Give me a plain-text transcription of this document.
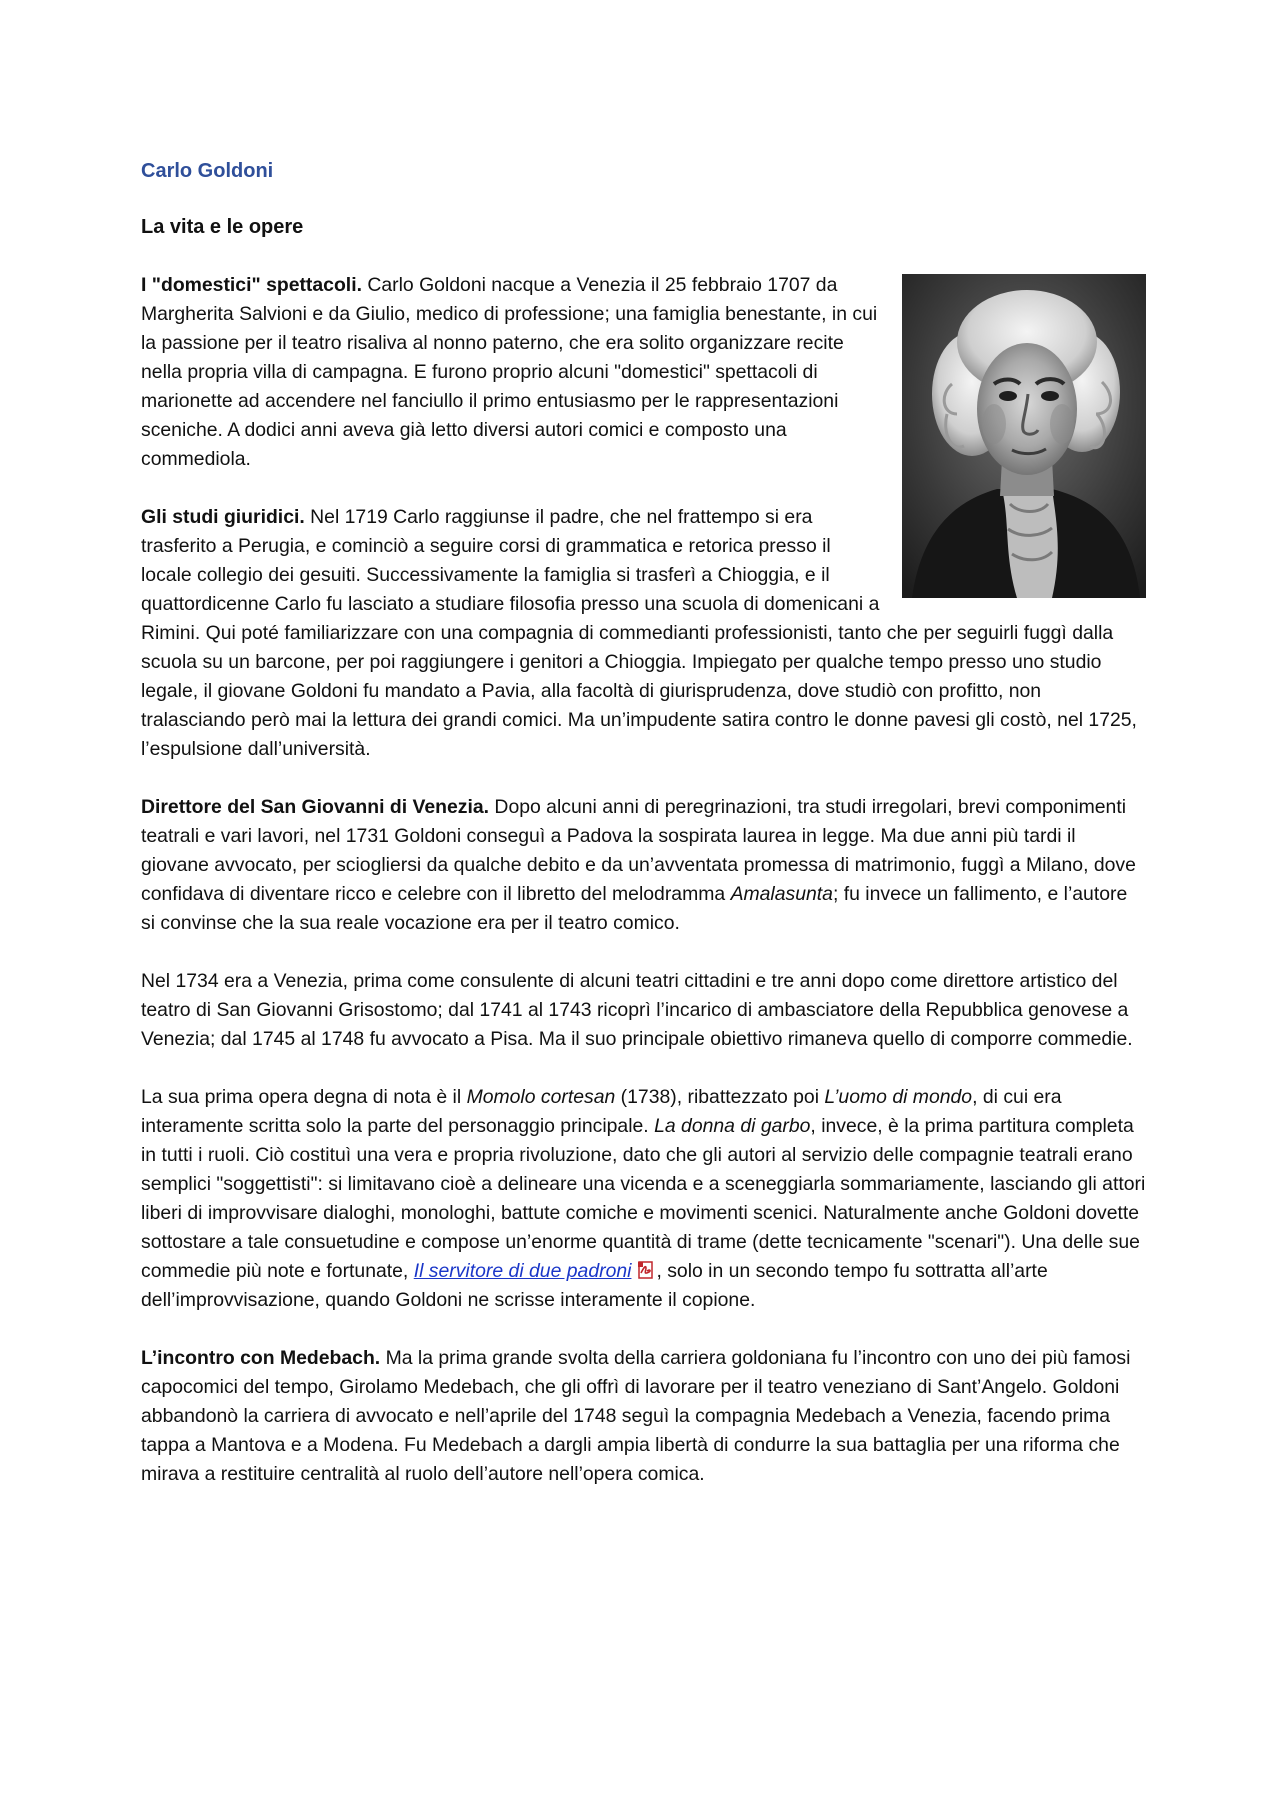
Carlo Goldoni
La vita e le opere

I "domestici" spettacoli. Carlo Goldoni nacque a Venezia il 25 febbraio 1707 da Margherita Salvioni e da Giulio, medico di professione; una famiglia benestante, in cui la passione per il teatro risaliva al nonno paterno, che era solito organizzare recite nella propria villa di campagna. E furono proprio alcuni "domestici" spettacoli di marionette ad accendere nel fanciullo il primo entusiasmo per le rappresentazioni sceniche. A dodici anni aveva già letto diversi autori comici e composto una commediola.

Gli studi giuridici. Nel 1719 Carlo raggiunse il padre, che nel frattempo si era trasferito a Perugia, e cominciò a seguire corsi di grammatica e retorica presso il locale collegio dei gesuiti. Successivamente la famiglia si trasferì a Chioggia, e il quattordicenne Carlo fu lasciato a studiare filosofia presso una scuola di domenicani a Rimini. Qui poté familiarizzare con una compagnia di commedianti professionisti, tanto che per seguirli fuggì dalla scuola su un barcone, per poi raggiungere i genitori a Chioggia. Impiegato per qualche tempo presso uno studio legale, il giovane Goldoni fu mandato a Pavia, alla facoltà di giurisprudenza, dove studiò con profitto, non tralasciando però mai la lettura dei grandi comici. Ma un’impudente satira contro le donne pavesi gli costò, nel 1725, l’espulsione dall’università.

Direttore del San Giovanni di Venezia. Dopo alcuni anni di peregrinazioni, tra studi irregolari, brevi componimenti teatrali e vari lavori, nel 1731 Goldoni conseguì a Padova la sospirata laurea in legge. Ma due anni più tardi il giovane avvocato, per sciogliersi da qualche debito e da un’avventata promessa di matrimonio, fuggì a Milano, dove confidava di diventare ricco e celebre con il libretto del melodramma Amalasunta; fu invece un fallimento, e l’autore si convinse che la sua reale vocazione era per il teatro comico.

Nel 1734 era a Venezia, prima come consulente di alcuni teatri cittadini e tre anni dopo come direttore artistico del teatro di San Giovanni Grisostomo; dal 1741 al 1743 ricoprì l’incarico di ambasciatore della Repubblica genovese a Venezia; dal 1745 al 1748 fu avvocato a Pisa. Ma il suo principale obiettivo rimaneva quello di comporre commedie.

La sua prima opera degna di nota è il Momolo cortesan (1738), ribattezzato poi L’uomo di mondo, di cui era interamente scritta solo la parte del personaggio principale. La donna di garbo, invece, è la prima partitura completa in tutti i ruoli. Ciò costituì una vera e propria rivoluzione, dato che gli autori al servizio delle compagnie teatrali erano semplici "soggettisti": si limitavano cioè a delineare una vicenda e a sceneggiarla sommariamente, lasciando gli attori liberi di improvvisare dialoghi, monologhi, battute comiche e movimenti scenici. Naturalmente anche Goldoni dovette sottostare a tale consuetudine e compose un’enorme quantità di trame (dette tecnicamente "scenari"). Una delle sue commedie più note e fortunate, Il servitore di due padroni , solo in un secondo tempo fu sottratta all’arte dell’improvvisazione, quando Goldoni ne scrisse interamente il copione.

L’incontro con Medebach. Ma la prima grande svolta della carriera goldoniana fu l’incontro con uno dei più famosi capocomici del tempo, Girolamo Medebach, che gli offrì di lavorare per il teatro veneziano di Sant’Angelo. Goldoni abbandonò la carriera di avvocato e nell’aprile del 1748 seguì la compagnia Medebach a Venezia, facendo prima tappa a Mantova e a Modena. Fu Medebach a dargli ampia libertà di condurre la sua battaglia per una riforma che mirava a restituire centralità al ruolo dell’autore nell’opera comica.
